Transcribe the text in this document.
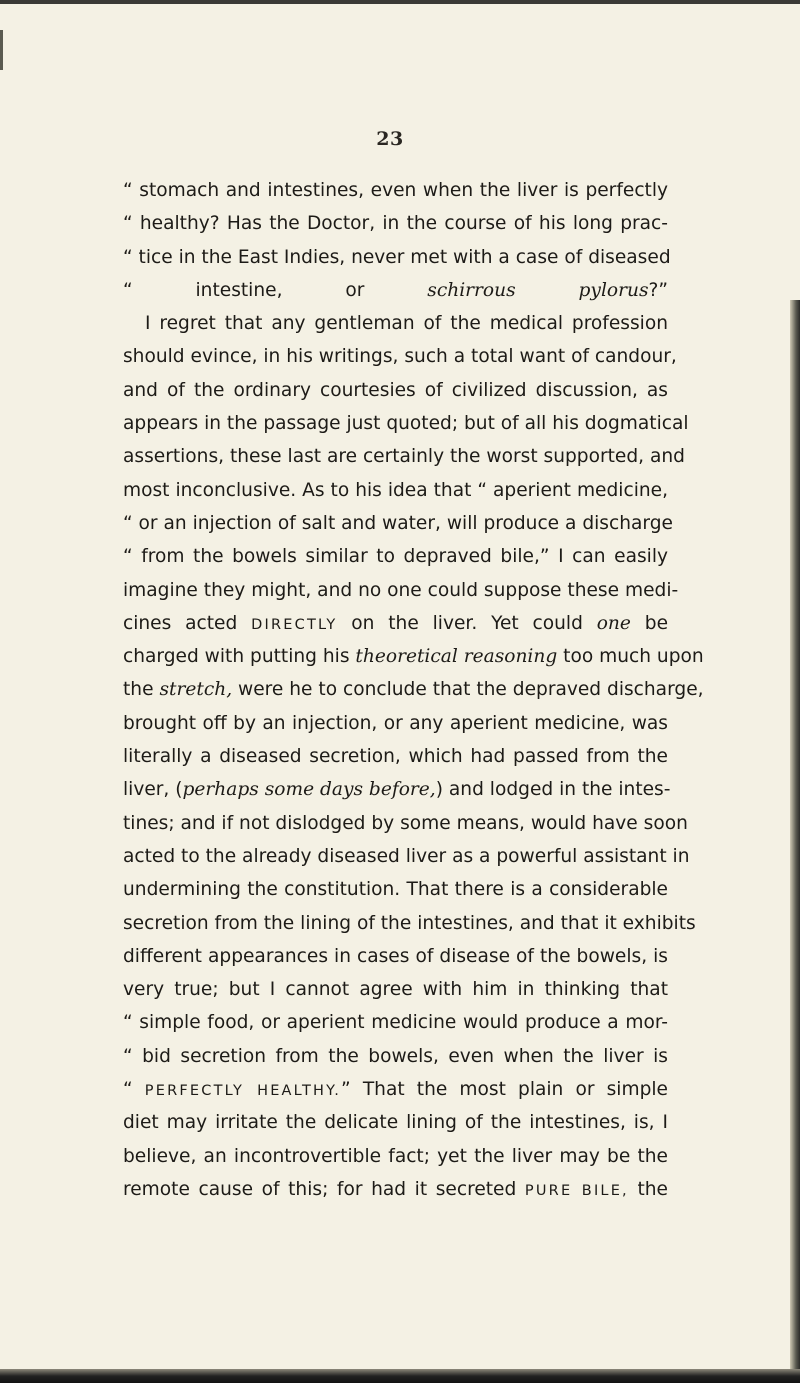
23
“ stomach and intestines, even when the liver is perfectly
“ healthy? Has the Doctor, in the course of his long prac-
“ tice in the East Indies, never met with a case of diseased
“ intestine, or schirrous pylorus?”
I regret that any gentleman of the medical profession
should evince, in his writings, such a total want of candour,
and of the ordinary courtesies of civilized discussion, as
appears in the passage just quoted; but of all his dogmatical
assertions, these last are certainly the worst supported, and
most inconclusive. As to his idea that “ aperient medicine,
“ or an injection of salt and water, will produce a discharge
“ from the bowels similar to depraved bile,” I can easily
imagine they might, and no one could suppose these medi-
cines acted DIRECTLY on the liver. Yet could one be
charged with putting his theoretical reasoning too much upon
the stretch, were he to conclude that the depraved discharge,
brought off by an injection, or any aperient medicine, was
literally a diseased secretion, which had passed from the
liver, (perhaps some days before,) and lodged in the intes-
tines; and if not dislodged by some means, would have soon
acted to the already diseased liver as a powerful assistant in
undermining the constitution. That there is a considerable
secretion from the lining of the intestines, and that it exhibits
different appearances in cases of disease of the bowels, is
very true; but I cannot agree with him in thinking that
“ simple food, or aperient medicine would produce a mor-
“ bid secretion from the bowels, even when the liver is
“ PERFECTLY HEALTHY.” That the most plain or simple
diet may irritate the delicate lining of the intestines, is, I
believe, an incontrovertible fact; yet the liver may be the
remote cause of this; for had it secreted PURE BILE, the
